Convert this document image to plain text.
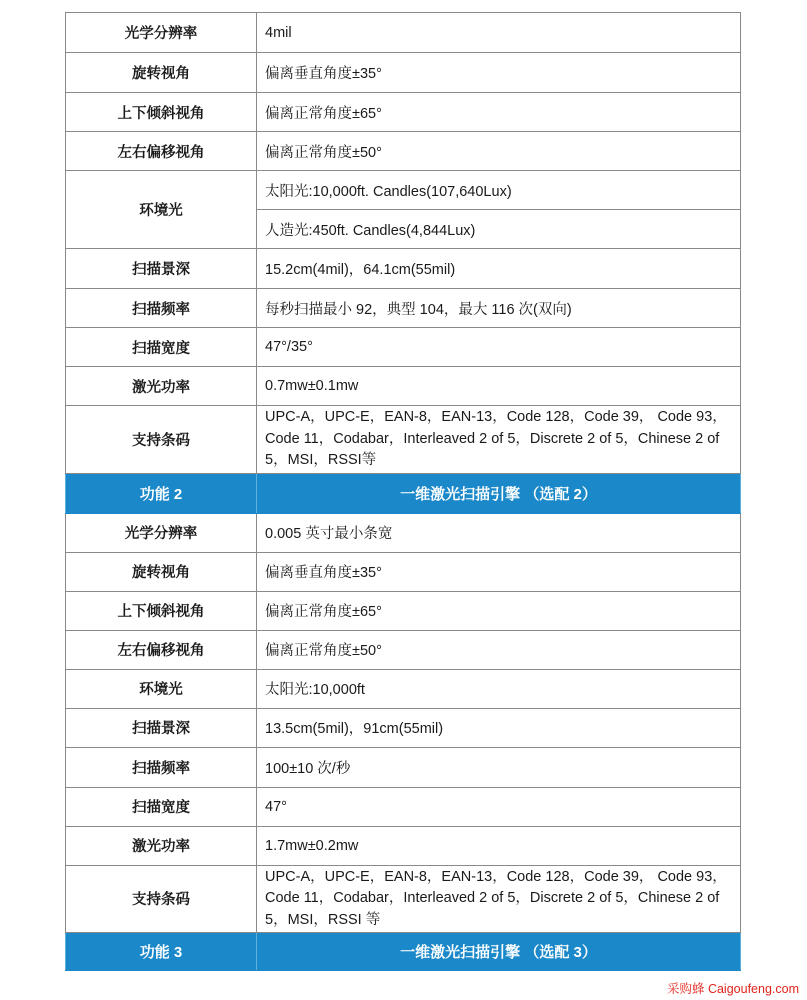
光学分辨率	4mil
旋转视角	偏离垂直角度±35°
上下倾斜视角	偏离正常角度±65°
左右偏移视角	偏离正常角度±50°
环境光	太阳光:10,000ft. Candles(107,640Lux)
	人造光:450ft. Candles(4,844Lux)
扫描景深	15.2cm(4mil)，64.1cm(55mil)
扫描频率	每秒扫描最小 92，典型 104，最大 116 次(双向)
扫描宽度	47°/35°
激光功率	0.7mw±0.1mw
支持条码	UPC-A，UPC-E，EAN-8，EAN-13，Code 128，Code 39， Code 93，
Code 11，Codabar，Interleaved 2 of 5，Discrete 2 of 5，Chinese 2 of
5，MSI，RSSI等

功能 2	一维激光扫描引擎 （选配 2）
光学分辨率	0.005 英寸最小条宽
旋转视角	偏离垂直角度±35°
上下倾斜视角	偏离正常角度±65°
左右偏移视角	偏离正常角度±50°
环境光	太阳光:10,000ft
扫描景深	13.5cm(5mil)，91cm(55mil)
扫描频率	100±10 次/秒
扫描宽度	47°
激光功率	1.7mw±0.2mw
支持条码	UPC-A，UPC-E，EAN-8，EAN-13，Code 128，Code 39， Code 93，
Code 11，Codabar，Interleaved 2 of 5，Discrete 2 of 5，Chinese 2 of
5，MSI，RSSI 等

功能 3	一维激光扫描引擎 （选配 3）
采购蜂 Caigoufeng.com
